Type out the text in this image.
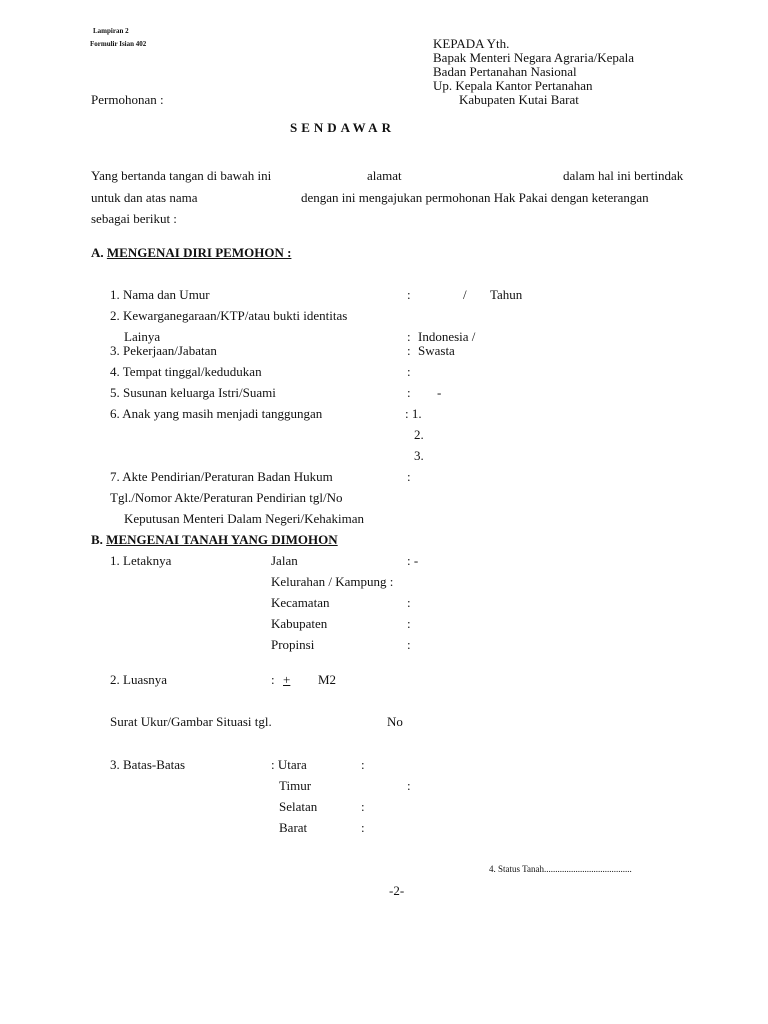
Lampiran 2
Formulir Isian 402	KEPADA Yth.
Bapak Menteri Negara Agraria/Kepala
Badan Pertanahan Nasional
Up. Kepala Kantor Pertanahan
Kabupaten Kutai Barat
Permohonan :
SENDAWAR
Yang bertanda tangan di bawah ini	alamat	dalam hal ini bertindak
untuk dan atas nama	dengan ini mengajukan permohonan Hak Pakai dengan keterangan
sebagai berikut :
A. MENGENAI DIRI PEMOHON :
1. Nama dan Umur	:	/ Tahun
2. Kewarganegaraan/KTP/atau bukti identitas
Lainya	: Indonesia /
3. Pekerjaan/Jabatan	: Swasta
4. Tempat tinggal/kedudukan	:
5. Susunan keluarga Istri/Suami	: -
6. Anak yang masih menjadi tanggungan	: 1.
2.
3.
7. Akte Pendirian/Peraturan Badan Hukum	:
Tgl./Nomor Akte/Peraturan Pendirian tgl/No
Keputusan Menteri Dalam Negeri/Kehakiman
B. MENGENAI TANAH YANG DIMOHON
1. Letaknya	Jalan	: -
Kelurahan / Kampung :
Kecamatan	:
Kabupaten	:
Propinsi	:
2. Luasnya	: + M2
Surat Ukur/Gambar Situasi tgl.	No
3. Batas-Batas	: Utara	:
Timur	:
Selatan	:
Barat	:
4. Status Tanah.......................................
-2-
